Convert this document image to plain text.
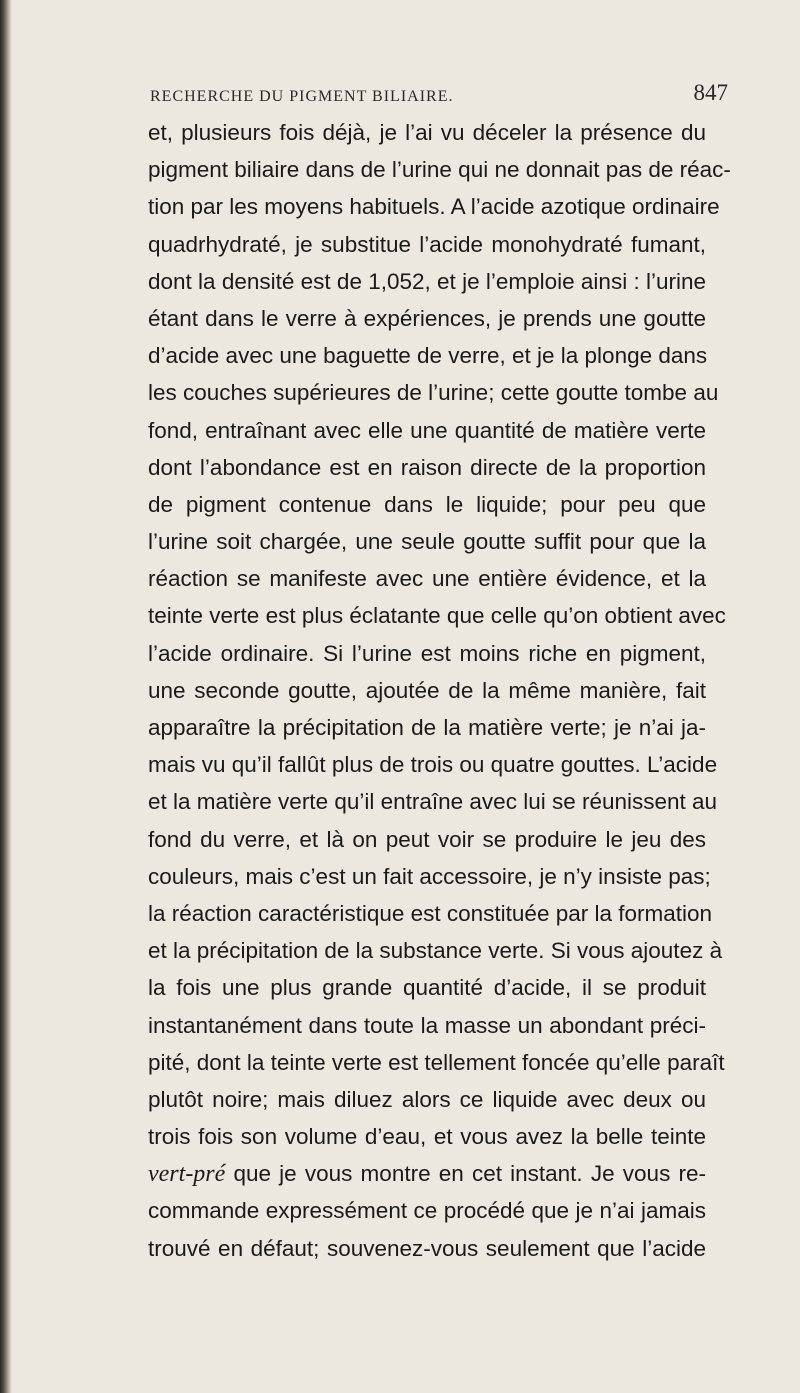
RECHERCHE DU PIGMENT BILIAIRE.	847
et, plusieurs fois déjà, je l’ai vu déceler la présence du
pigment biliaire dans de l’urine qui ne donnait pas de réac-
tion par les moyens habituels. A l’acide azotique ordinaire
quadrhydraté, je substitue l’acide monohydraté fumant,
dont la densité est de 1,052, et je l’emploie ainsi : l’urine
étant dans le verre à expériences, je prends une goutte
d’acide avec une baguette de verre, et je la plonge dans
les couches supérieures de l’urine; cette goutte tombe au
fond, entraînant avec elle une quantité de matière verte
dont l’abondance est en raison directe de la proportion
de pigment contenue dans le liquide; pour peu que
l’urine soit chargée, une seule goutte suffit pour que la
réaction se manifeste avec une entière évidence, et la
teinte verte est plus éclatante que celle qu’on obtient avec
l’acide ordinaire. Si l’urine est moins riche en pigment,
une seconde goutte, ajoutée de la même manière, fait
apparaître la précipitation de la matière verte; je n’ai ja-
mais vu qu’il fallût plus de trois ou quatre gouttes. L’acide
et la matière verte qu’il entraîne avec lui se réunissent au
fond du verre, et là on peut voir se produire le jeu des
couleurs, mais c’est un fait accessoire, je n’y insiste pas;
la réaction caractéristique est constituée par la formation
et la précipitation de la substance verte. Si vous ajoutez à
la fois une plus grande quantité d’acide, il se produit
instantanément dans toute la masse un abondant préci-
pité, dont la teinte verte est tellement foncée qu’elle paraît
plutôt noire; mais diluez alors ce liquide avec deux ou
trois fois son volume d’eau, et vous avez la belle teinte
vert-pré que je vous montre en cet instant. Je vous re-
commande expressément ce procédé que je n’ai jamais
trouvé en défaut; souvenez-vous seulement que l’acide
